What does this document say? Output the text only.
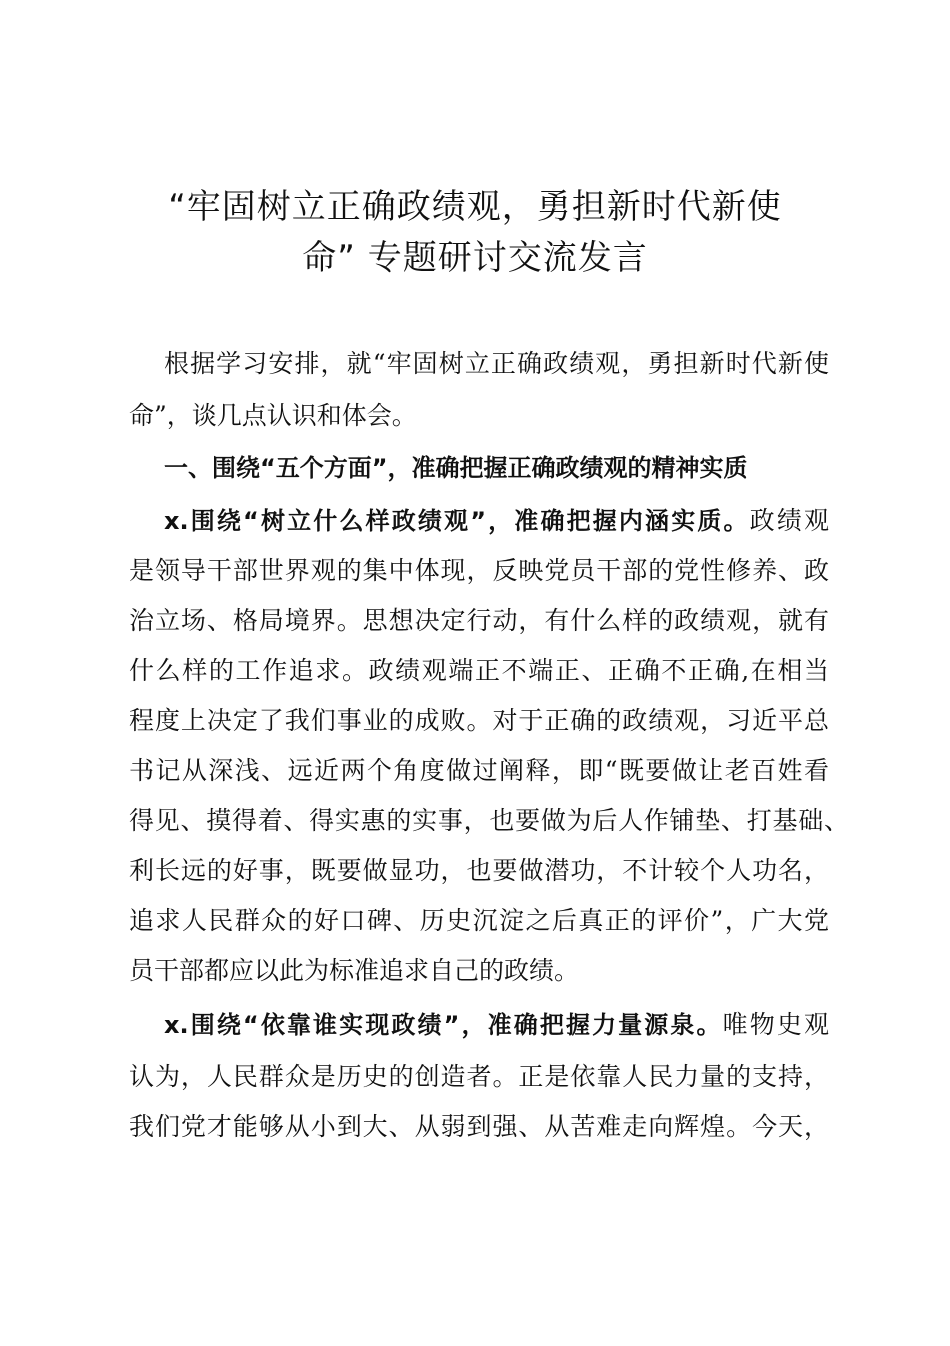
“牢固树立正确政绩观，勇担新时代新使
命” 专题研讨交流发言

根据学习安排，就“牢固树立正确政绩观，勇担新时代新使

命”，谈几点认识和体会。

一、围绕“五个方面”，准确把握正确政绩观的精神实质

x.围绕“树立什么样政绩观”，准确把握内涵实质。政绩观

是领导干部世界观的集中体现，反映党员干部的党性修养、政

治立场、格局境界。思想决定行动，有什么样的政绩观，就有

什么样的工作追求。政绩观端正不端正、正确不正确,在相当

程度上决定了我们事业的成败。对于正确的政绩观，习近平总

书记从深浅、远近两个角度做过阐释，即“既要做让老百姓看

得见、摸得着、得实惠的实事，也要做为后人作铺垫、打基础、

利长远的好事，既要做显功，也要做潜功，不计较个人功名，

追求人民群众的好口碑、历史沉淀之后真正的评价”，广大党

员干部都应以此为标准追求自己的政绩。

x.围绕“依靠谁实现政绩”，准确把握力量源泉。唯物史观

认为，人民群众是历史的创造者。正是依靠人民力量的支持，

我们党才能够从小到大、从弱到强、从苦难走向辉煌。今天，
